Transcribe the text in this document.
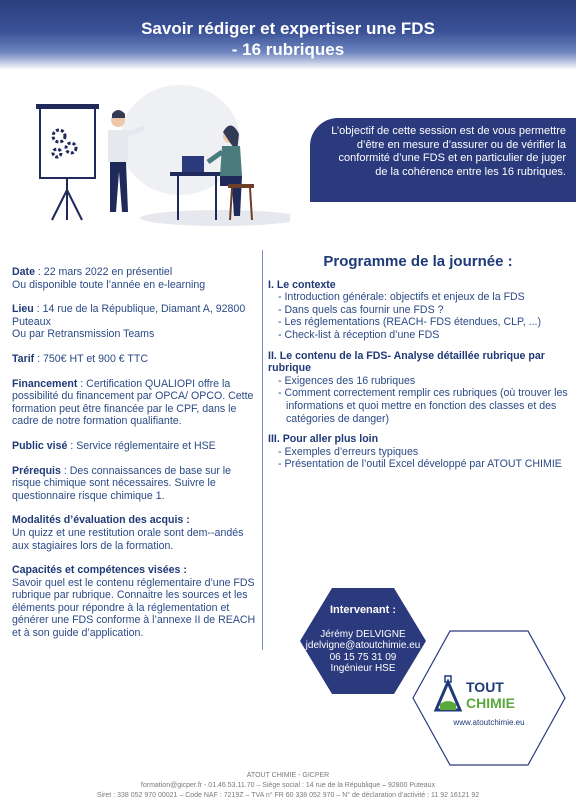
Savoir rédiger et expertiser une FDS
- 16 rubriques

L’objectif de cette session est de vous permettre d’être en mesure d’assurer ou de vérifier la conformité d’une FDS et en particulier de juger de la cohérence entre les 16 rubriques.

Date : 22 mars 2022 en présentiel
Ou disponible toute l’année en e-learning
Lieu : 14 rue de la République, Diamant A, 92800 Puteaux
Ou par Retransmission Teams
Tarif : 750€ HT et 900 € TTC
Financement : Certification QUALIOPI offre la possibilité du financement par OPCA/ OPCO. Cette formation peut être financée par le CPF, dans le cadre de notre formation qualifiante.
Public visé : Service réglementaire et HSE
Prérequis : Des connaissances de base sur le risque chimique sont nécessaires. Suivre le questionnaire risque chimique 1.
Modalités d’évaluation des acquis :
Un quizz et une restitution orale sont dem--andés aux stagiaires lors de la formation.
Capacités et compétences visées :
Savoir quel est le contenu réglementaire d’une FDS rubrique par rubrique. Connaitre les sources et les éléments pour répondre à la réglementation et générer une FDS conforme à l’annexe II de REACH et à son guide d’application.
Programme de la journée :
I. Le contexte
- Introduction générale: objectifs et enjeux de la FDS
- Dans quels cas fournir une FDS ?
- Les réglementations (REACH- FDS étendues, CLP, ...)
- Check-list à réception d’une FDS
II. Le contenu de la FDS- Analyse détaillée rubrique par rubrique
- Exigences des 16 rubriques
- Comment correctement remplir ces rubriques (où trouver les informations et quoi mettre en fonction des classes et des catégories de danger)
III. Pour aller plus loin
- Exemples d’erreurs typiques
- Présentation de l’outil Excel développé par ATOUT CHIMIE
Intervenant :
Jérémy DELVIGNE
jdelvigne@atoutchimie.eu
06 15 75 31 09
Ingénieur HSE
TOUT
CHIMIE
www.atoutchimie.eu
ATOUT CHIMIE - GICPER
formation@gicper.fr - 01.46.53.11.70 – Siège social : 14 rue de la République – 92800 Puteaux
Siret : 338 052 970 00021 – Code NAF : 7219Z – TVA n° FR 60 338 052 970 – N° de déclaration d’activité : 11 92 16121 92
